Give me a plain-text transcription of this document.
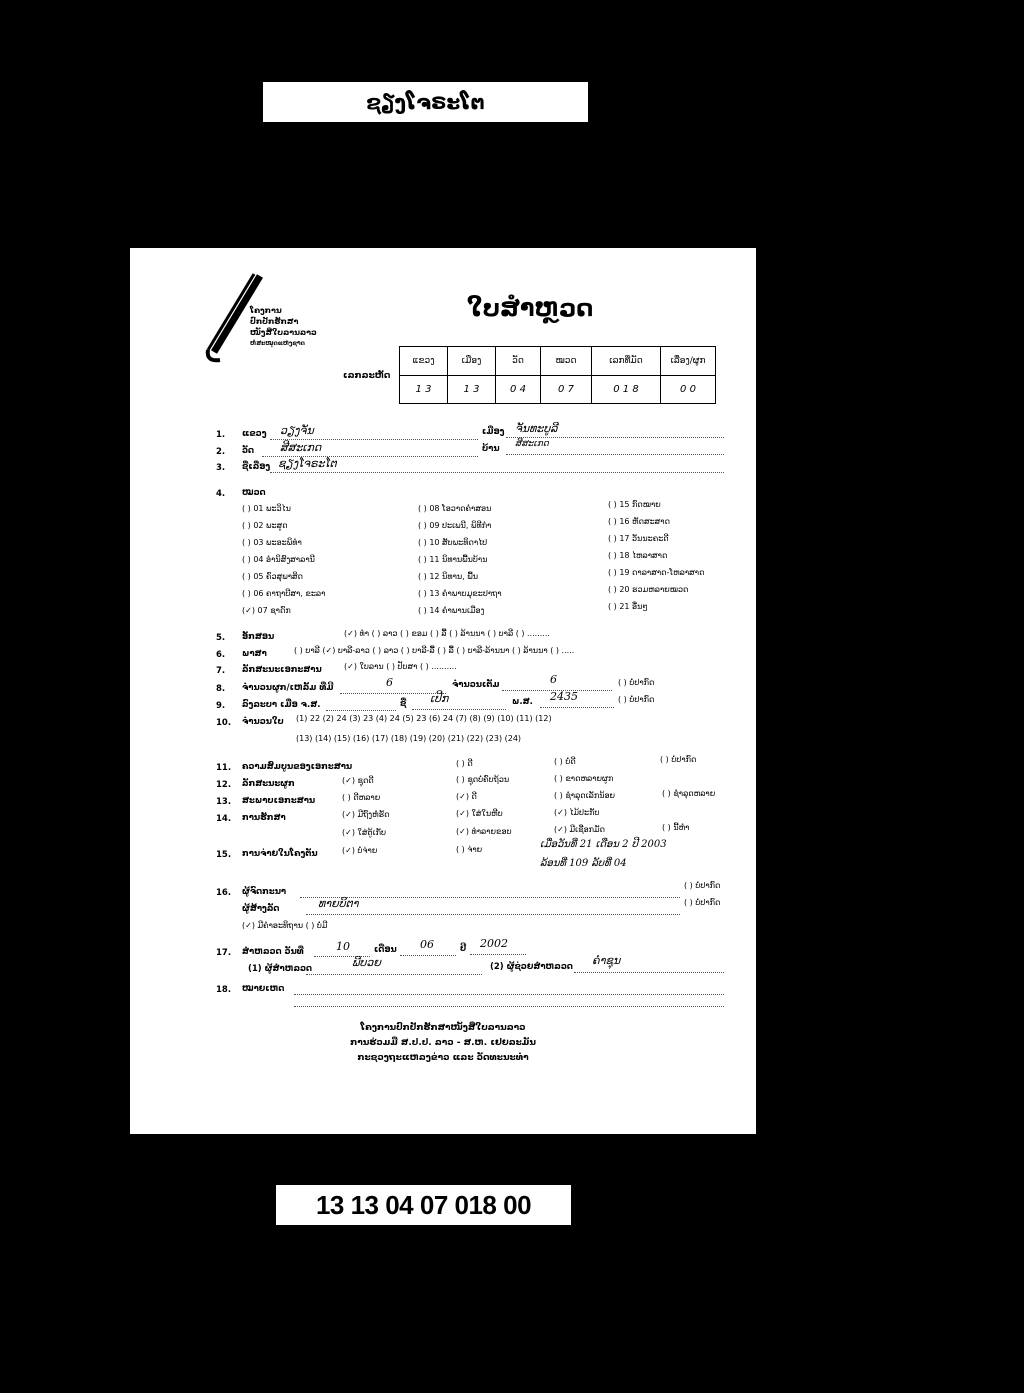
ຊຽງໂຈຣະໂຕ
ໂຄງການ
ປົກປັກຮັກສາ
ໜັງສືໃບລານລາວ
ຫໍສະໝຸດແຫ່ງຊາດ
ໃບສຳຫຼວດ
ເລກລະຫັດ
ແຂວງ	ເມືອງ	ວັດ	ໝວດ	ເລກທີ່ມັດ	ເລື່ອງ/ຜູກ
1 3	1 3	0 4	0 7	0 1 8	0 0
1. ແຂວງ ວຽງຈັນ	ເມືອງ ຈັນທະບູລີ
2. ວັດ ສີສະເກດ	ບ້ານ ສີສະເກດ
3. ຊື່ເລື່ອງ ຊຽງໂຈຣະໂຕ
4. ໝວດ
( ) 01 ພະວິໄນ
( ) 02 ພະສູດ
( ) 03 ພະອະພິທຳ
( ) 04 ອຳນິສົງສາລານີ
( ) 05 ຄົວສຸພາສິດ
( ) 06 ຄາຖາບີສາ, ຂະລາ
(✓) 07 ຊາດົກ
( ) 08 ໂອວາດຄຳສອນ
( ) 09 ປະເພນີ, ພິທີກຳ
( ) 10 ສັບພະທິດາໄປ
( ) 11 ນິທານພື້ນບ້ານ
( ) 12 ນິທານ, ພື້ນ
( ) 13 ຄຳພາບມຸຂະປາຖາ
( ) 14 ຄຳພານເມືອງ
( ) 15 ກົດໝາຍ
( ) 16 ຫັດສະສາດ
( ) 17 ວັນນະຄະດີ
( ) 18 ໄຫລາສາດ
( ) 19 ດາລາສາດ-ໂຫລາສາດ
( ) 20 ຮວມຫລາຍໝວດ
( ) 21 ອື່ນໆ
5. ອັກສອນ	(✓) ທຳ ( ) ລາວ ( ) ຂອມ ( ) ລື້ ( ) ລ້ານນາ ( ) ບາລີ ( ) .........
6. ພາສາ	( ) ບາລີ (✓) ບາລີ-ລາວ ( ) ລາວ ( ) ບາລີ-ລື້ ( ) ລື້ ( ) ບາລີ-ລ້ານນາ ( ) ລ້ານນາ ( ) .....
7. ລັກສະນະເອກະສານ	(✓) ໃບລານ ( ) ປັບສາ ( ) ..........
8. ຈຳນວນຜູກ/ເຫລັ້ມ ທີ່ມີ	6	ຈຳນວນເຕັມ	6	( ) ບໍ່ປາກົດ
9. ລົງລະບາ ເມື່ອ ຈ.ສ.	ຊື່ ເປີກ	ພ.ສ. 2435	( ) ບໍ່ປາກົດ
10. ຈຳນວນໃບ (1) 22 (2) 24 (3) 23 (4) 24 (5) 23 (6) 24 (7) (8) (9) (10) (11) (12)
(13) (14) (15) (16) (17) (18) (19) (20) (21) (22) (23) (24)
11. ຄວາມສົມບູນຂອງເອກະສານ	( ) ດີ	( ) ບໍ່ດີ	( ) ບໍ່ປາກົດ
12. ລັກສະນະຜູກ	(✓) ຊຸດດີ	( ) ຊຸດບໍ່ຄົບຖ້ວນ	( ) ຂາດຫລາຍຜູກ
13. ສະພາບເອກະສານ	( ) ດີຫລາຍ	(✓) ດີ	( ) ຊຳລຸດເລັກນ້ອຍ	( ) ຊຳລຸດຫລາຍ
14. ການຮັກສາ	(✓) ມີຖົງຫໍ່ຮັດ	(✓) ໃສ່ໃນຫີບ	(✓) ໄມ້ປະກັບ
(✓) ໃສ່ຕູ້ເກັບ	(✓) ທຳລາຍຂອບ	(✓) ມີເຊືອກມັດ	( ) ນີ້ຫໍາ
15. ການຈ່າຍໃນໂຄງຕັນ	(✓) ບໍ່ຈ່າຍ	( ) ຈ່າຍ	ເມື່ອວັນທີ່ 21 ເດືອນ 2 ປີ 2003
ລ້ອນທີ່ 109 ລັບທີ່ 04
16. ຜູ້ຈົດກະນາ
( ) ບໍ່ປາກົດ
ຜູ້ສ້າງລັດ	ທາຍບິຕາ	( ) ບໍ່ປາກົດ
(✓) ມີຄຳອະທິຖານ ( ) ບໍ່ມີ
17. ສຳຫລວດ ວັນທີ່	10	ເດືອນ 06	ປີ 2002
(1) ຜູ້ສຳຫລວດ	ພີບວຍ	(2) ຜູ້ຊ່ວຍສຳຫລວດ ຄຳຊຸນ
18. ໝາຍເຫດ
ໂຄງການປົກປັກຮັກສາໜັງສືໃບລານລາວ
ການຮ່ວມມື ສ.ປ.ປ. ລາວ - ສ.ຫ. ເຢຍລະມັນ
ກະຊວງຖະແຫລງຂ່າວ ແລະ ວັດທະນະທຳ
13 13 04 07 018 00
